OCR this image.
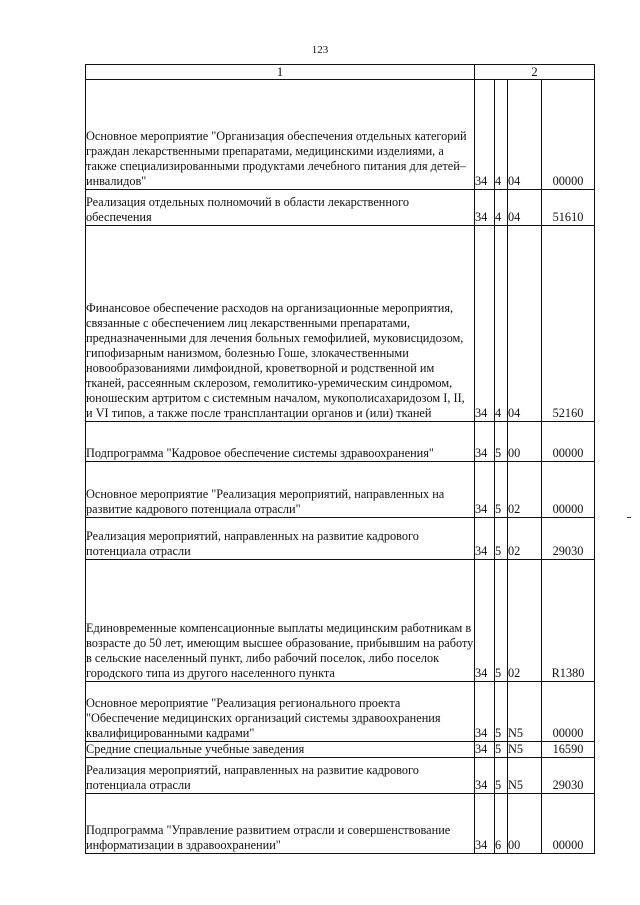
123
1	2			
Основное мероприятие "Организация обеспечения отдельных категорий граждан лекарственными препаратами, медицинскими изделиями, а также специализированными продуктами лечебного питания для детей–инвалидов"	34	4	04	00000
Реализация отдельных полномочий в области лекарственного обеспечения	34	4	04	51610
Финансовое обеспечение расходов на организационные мероприятия, связанные с обеспечением лиц лекарственными препаратами, предназначенными для лечения больных гемофилией, муковисцидозом, гипофизарным нанизмом, болезнью Гоше, злокачественными новообразованиями лимфоидной, кроветворной и родственной им тканей, рассеянным склерозом, гемолитико-уремическим синдромом, юношеским артритом с системным началом, мукополисахаридозом I, II, и VI типов, а также после трансплантации органов и (или) тканей	34	4	04	52160
Подпрограмма "Кадровое обеспечение системы здравоохранения"	34	5	00	00000
Основное мероприятие "Реализация мероприятий, направленных на развитие кадрового потенциала отрасли"	34	5	02	00000
Реализация мероприятий, направленных на развитие кадрового потенциала отрасли	34	5	02	29030
Единовременные компенсационные выплаты медицинским работникам в возрасте до 50 лет, имеющим высшее образование, прибывшим на работу в сельские населенный пункт, либо рабочий поселок, либо поселок городского типа из другого населенного пункта	34	5	02	R1380
Основное мероприятие "Реализация регионального проекта "Обеспечение медицинских организаций системы здравоохранения квалифицированными кадрами"	34	5	N5	00000
Средние специальные учебные заведения	34	5	N5	16590
Реализация мероприятий, направленных на развитие кадрового потенциала отрасли	34	5	N5	29030
Подпрограмма "Управление развитием отрасли и совершенствование информатизации в здравоохранении"	34	6	00	00000
